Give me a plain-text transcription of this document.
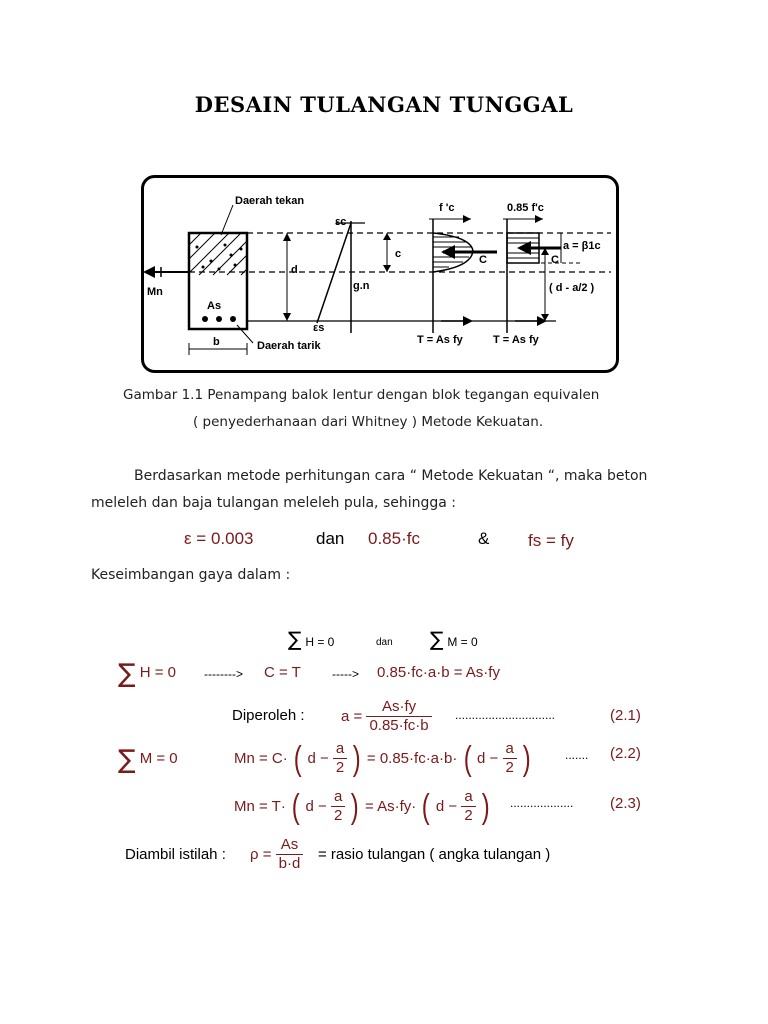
DESAIN TULANGAN TUNGGAL
Daerah tekan
Daerah tarik
Mn
As
b
d
εc
εs
c
g.n
f 'c	0.85 f'c
a = β1c
( d - a/2 )
C	C
T = As fy	T = As fy
Gambar 1.1 Penampang balok lentur dengan blok tegangan equivalen
( penyederhanaan dari Whitney ) Metode Kekuatan.
Berdasarkan metode perhitungan cara “ Metode Kekuatan “, maka beton
meleleh dan baja tulangan meleleh pula, sehingga :
ε = 0.003	dan 0.85·fc	& fs = fy
Keseimbangan gaya dalam :
∑ H = 0	dan ∑ M = 0
∑ H = 0 --------> C = T	-----> 0.85·fc·a·b = As·fy
Diperoleh : $a = \frac{As\cdot fy}{0.85\cdot fc\cdot b}$ ..............................	(2.1)
∑ M = 0	Mn = C· ( $d - \frac{a}{2}$ ) = 0.85·fc·a·b· ( $d - \frac{a}{2}$ )	....... (2.2)
Mn = T· ( $d - \frac{a}{2}$ ) = As·fy· ( $d - \frac{a}{2}$ ) ................... (2.3)
Diambil istilah : $\rho = \frac{As}{b\cdot d}$ = rasio tulangan ( angka tulangan )
